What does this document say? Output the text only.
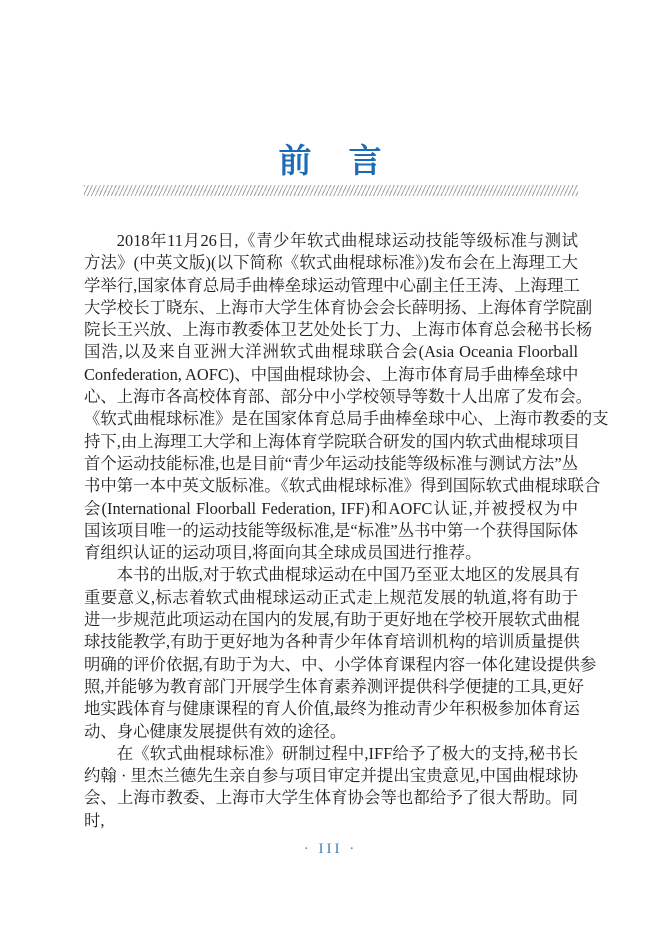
前　言
2018年11月26日,《青少年软式曲棍球运动技能等级标准与测试
方法》(中英文版)(以下简称《软式曲棍球标准》)发布会在上海理工大
学举行,国家体育总局手曲棒垒球运动管理中心副主任王涛、上海理工
大学校长丁晓东、上海市大学生体育协会会长薛明扬、上海体育学院副
院长王兴放、上海市教委体卫艺处处长丁力、上海市体育总会秘书长杨
国浩,以及来自亚洲大洋洲软式曲棍球联合会(Asia Oceania Floorball
Confederation, AOFC)、中国曲棍球协会、上海市体育局手曲棒垒球中
心、上海市各高校体育部、部分中小学校领导等数十人出席了发布会。
《软式曲棍球标准》是在国家体育总局手曲棒垒球中心、上海市教委的支
持下,由上海理工大学和上海体育学院联合研发的国内软式曲棍球项目
首个运动技能标准,也是目前“青少年运动技能等级标准与测试方法”丛
书中第一本中英文版标准。《软式曲棍球标准》得到国际软式曲棍球联合
会(International Floorball Federation, IFF)和AOFC认证,并被授权为中
国该项目唯一的运动技能等级标准,是“标准”丛书中第一个获得国际体
育组织认证的运动项目,将面向其全球成员国进行推荐。
本书的出版,对于软式曲棍球运动在中国乃至亚太地区的发展具有
重要意义,标志着软式曲棍球运动正式走上规范发展的轨道,将有助于
进一步规范此项运动在国内的发展,有助于更好地在学校开展软式曲棍
球技能教学,有助于更好地为各种青少年体育培训机构的培训质量提供
明确的评价依据,有助于为大、中、小学体育课程内容一体化建设提供参
照,并能够为教育部门开展学生体育素养测评提供科学便捷的工具,更好
地实践体育与健康课程的育人价值,最终为推动青少年积极参加体育运
动、身心健康发展提供有效的途径。
在《软式曲棍球标准》研制过程中,IFF给予了极大的支持,秘书长
约翰 · 里杰兰德先生亲自参与项目审定并提出宝贵意见,中国曲棍球协
会、上海市教委、上海市大学生体育协会等也都给予了很大帮助。同时,
· III ·
